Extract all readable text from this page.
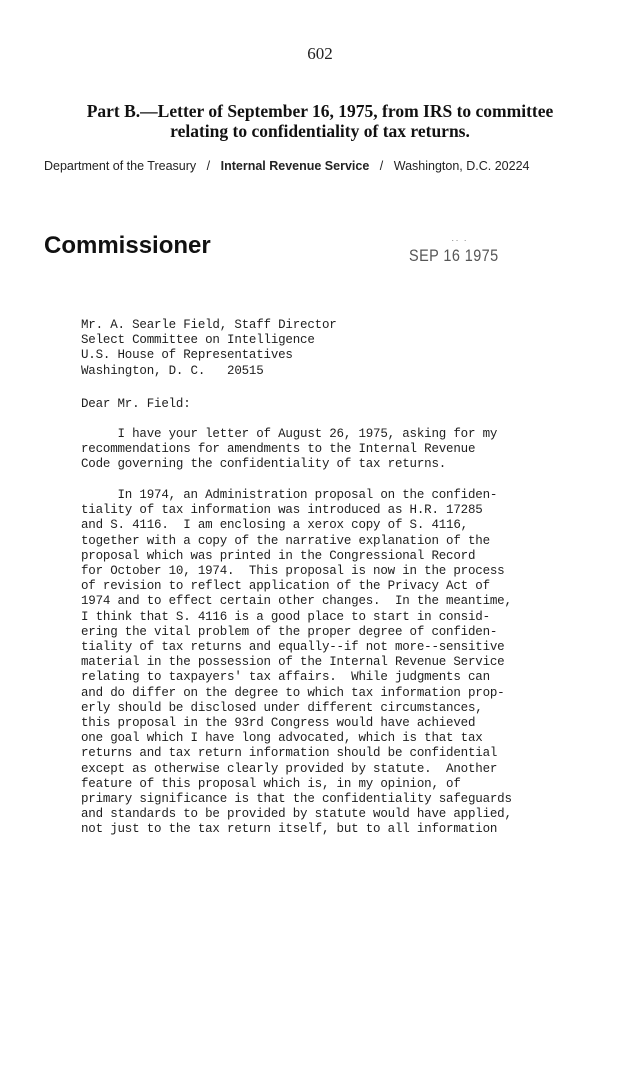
602
Part B.—Letter of September 16, 1975, from IRS to committee
relating to confidentiality of tax returns.
Department of the Treasury / Internal Revenue Service / Washington, D.C. 20224
Commissioner	·· ·
SEP 16 1975
Mr. A. Searle Field, Staff Director
Select Committee on Intelligence
U.S. House of Representatives
Washington, D. C.   20515
Dear Mr. Field:
I have your letter of August 26, 1975, asking for my
recommendations for amendments to the Internal Revenue
Code governing the confidentiality of tax returns.
In 1974, an Administration proposal on the confiden-
tiality of tax information was introduced as H.R. 17285
and S. 4116.  I am enclosing a xerox copy of S. 4116,
together with a copy of the narrative explanation of the
proposal which was printed in the Congressional Record
for October 10, 1974.  This proposal is now in the process
of revision to reflect application of the Privacy Act of
1974 and to effect certain other changes.  In the meantime,
I think that S. 4116 is a good place to start in consid-
ering the vital problem of the proper degree of confiden-
tiality of tax returns and equally--if not more--sensitive
material in the possession of the Internal Revenue Service
relating to taxpayers' tax affairs.  While judgments can
and do differ on the degree to which tax information prop-
erly should be disclosed under different circumstances,
this proposal in the 93rd Congress would have achieved
one goal which I have long advocated, which is that tax
returns and tax return information should be confidential
except as otherwise clearly provided by statute.  Another
feature of this proposal which is, in my opinion, of
primary significance is that the confidentiality safeguards
and standards to be provided by statute would have applied,
not just to the tax return itself, but to all information
